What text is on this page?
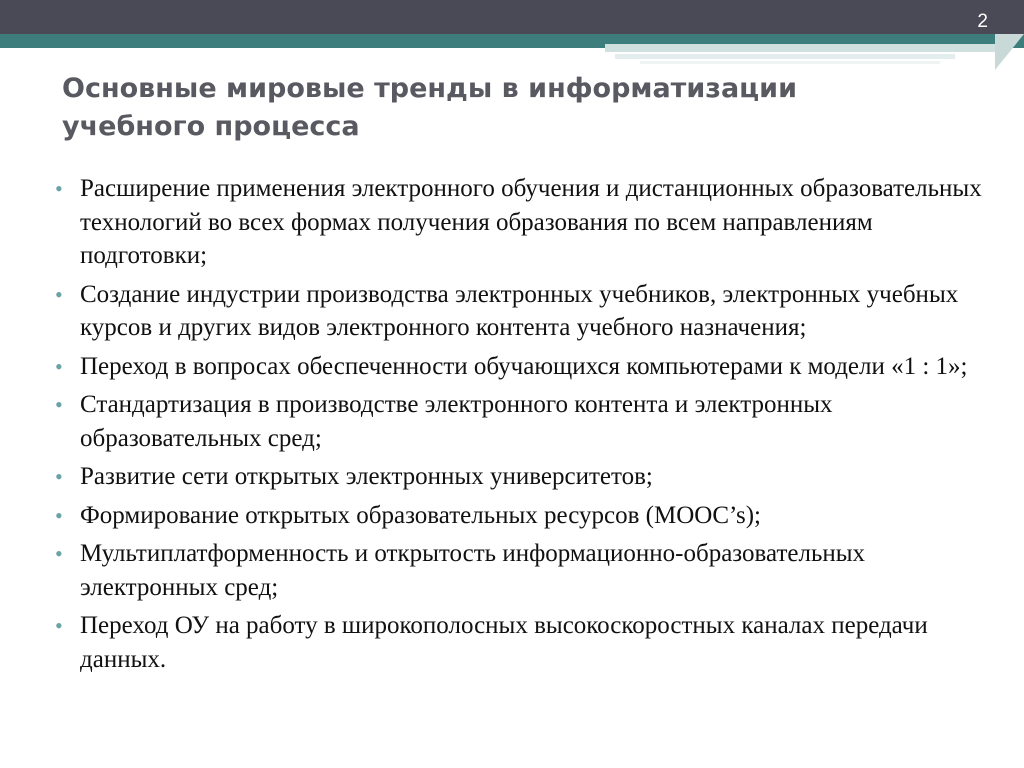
2
Основные мировые тренды в информатизации учебного процесса
• Расширение применения электронного обучения и дистанционных образовательных технологий во всех формах получения образования по всем направлениям подготовки;
• Создание индустрии производства электронных учебников, электронных учебных курсов и других видов электронного контента учебного назначения;
• Переход в вопросах обеспеченности обучающихся компьютерами к модели «1 : 1»;
• Стандартизация в производстве электронного контента и электронных образовательных сред;
• Развитие сети открытых электронных университетов;
• Формирование открытых образовательных ресурсов (MOOC’s);
• Мультиплатформенность и открытость информационно-образовательных электронных сред;
• Переход ОУ на работу в широкополосных высокоскоростных каналах передачи данных.
